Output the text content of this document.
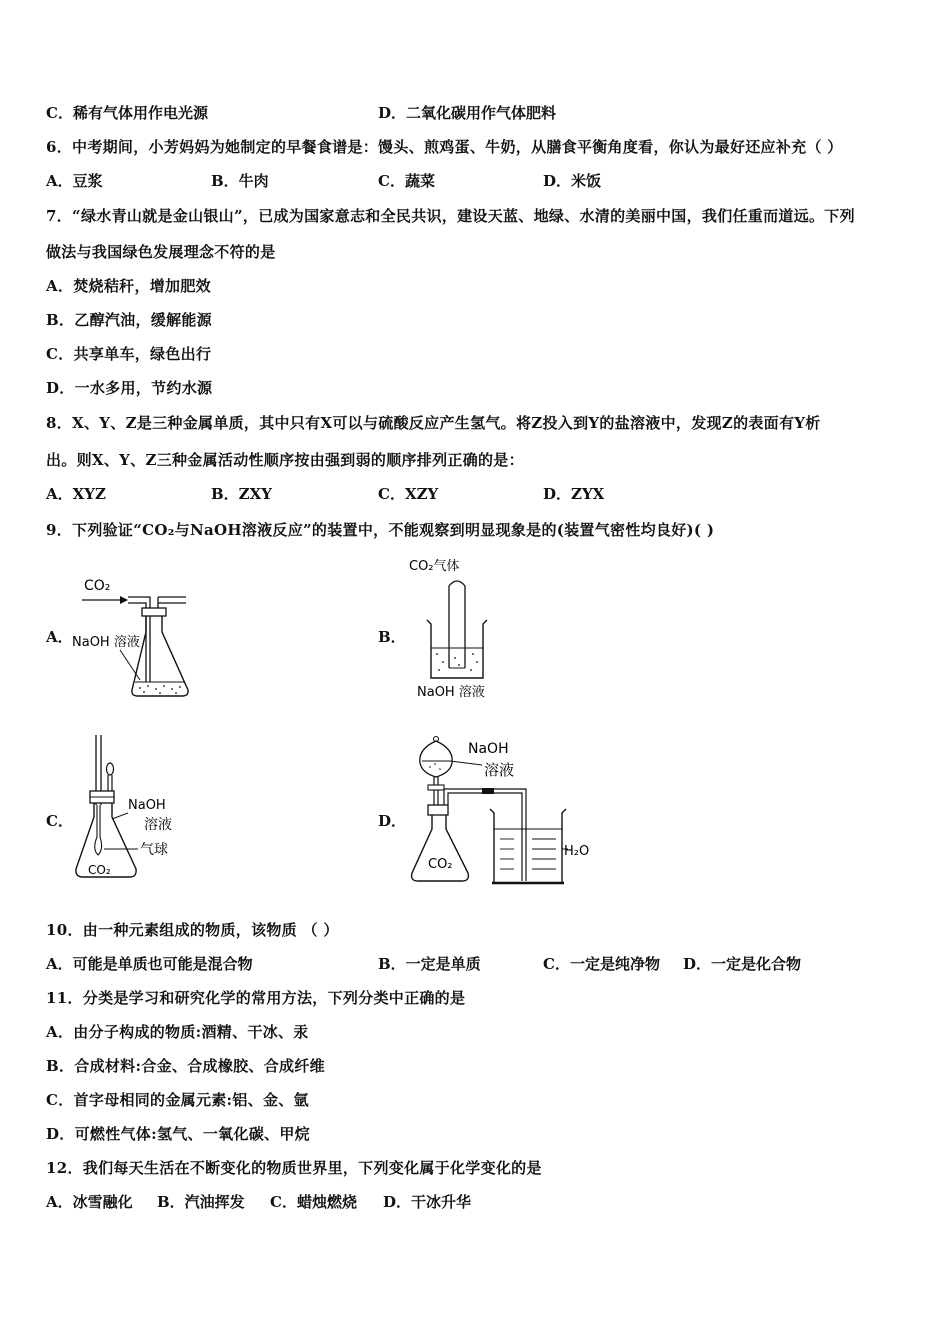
C．稀有气体用作电光源	D．二氧化碳用作气体肥料
6．中考期间，小芳妈妈为她制定的早餐食谱是：馒头、煎鸡蛋、牛奶，从膳食平衡角度看，你认为最好还应补充（ ）
A．豆浆	B．牛肉	C．蔬菜	D．米饭
7．“绿水青山就是金山银山”，已成为国家意志和全民共识，建设天蓝、地绿、水清的美丽中国，我们任重而道远。下列
做法与我国绿色发展理念不符的是
A．焚烧秸秆，增加肥效
B．乙醇汽油，缓解能源
C．共享单车，绿色出行
D．一水多用，节约水源
8．X、Y、Z是三种金属单质，其中只有X可以与硫酸反应产生氢气。将Z投入到Y的盐溶液中，发现Z的表面有Y析
出。则X、Y、Z三种金属活动性顺序按由强到弱的顺序排列正确的是：
A．XYZ	B．ZXY	C．XZY	D．ZYX
9．下列验证“CO₂与NaOH溶液反应”的装置中，不能观察到明显现象是的(装置气密性均良好)( )
A．
CO₂
NaOH 溶液	B．
CO₂气体
NaOH 溶液
C．
NaOH
溶液
气球
CO₂
D．
CO₂
H₂O
NaOH
溶液
10．由一种元素组成的物质，该物质 （ ）
A．可能是单质也可能是混合物	B．一定是单质	C．一定是纯净物 D．一定是化合物
11．分类是学习和研究化学的常用方法，下列分类中正确的是
A．由分子构成的物质:酒精、干冰、汞
B．合成材料:合金、合成橡胶、合成纤维
C．首字母相同的金属元素:铝、金、氩
D．可燃性气体:氢气、一氧化碳、甲烷
12．我们每天生活在不断变化的物质世界里，下列变化属于化学变化的是
A．冰雪融化 B．汽油挥发 C．蜡烛燃烧 D．干冰升华
